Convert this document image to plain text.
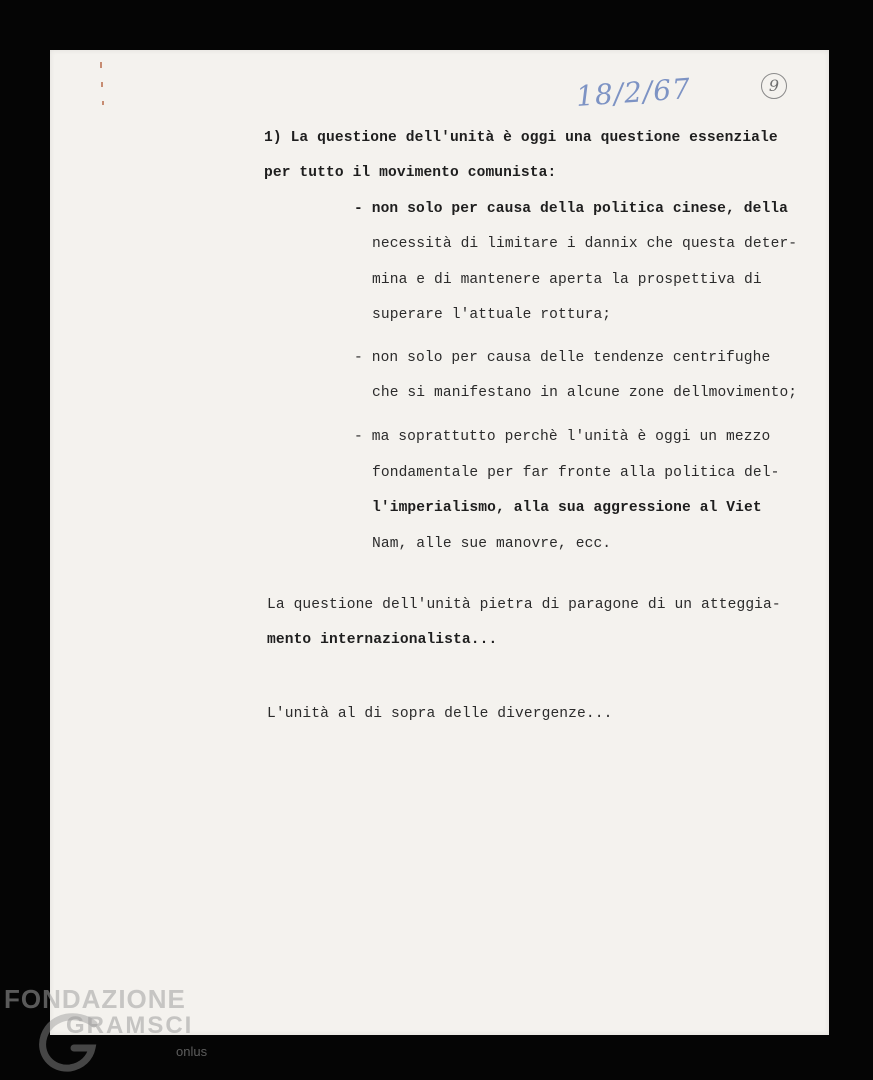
18/2/67	9
1) La questione dell'unità è oggi una questione essenziale
per tutto il movimento comunista:
- non solo per causa della politica cinese, della
necessità di limitare i dannix che questa deter-
mina e di mantenere aperta la prospettiva di
superare l'attuale rottura;
- non solo per causa delle tendenze centrifughe
che si manifestano in alcune zone dellmovimento;
- ma soprattutto perchè l'unità è oggi un mezzo
fondamentale per far fronte alla politica del-
l'imperialismo, alla sua aggressione al Viet
Nam, alle sue manovre, ecc.
La questione dell'unità pietra di paragone di un atteggia-
mento internazionalista...
L'unità al di sopra delle divergenze...
FONDAZIONE
GRAMSCI
onlus
